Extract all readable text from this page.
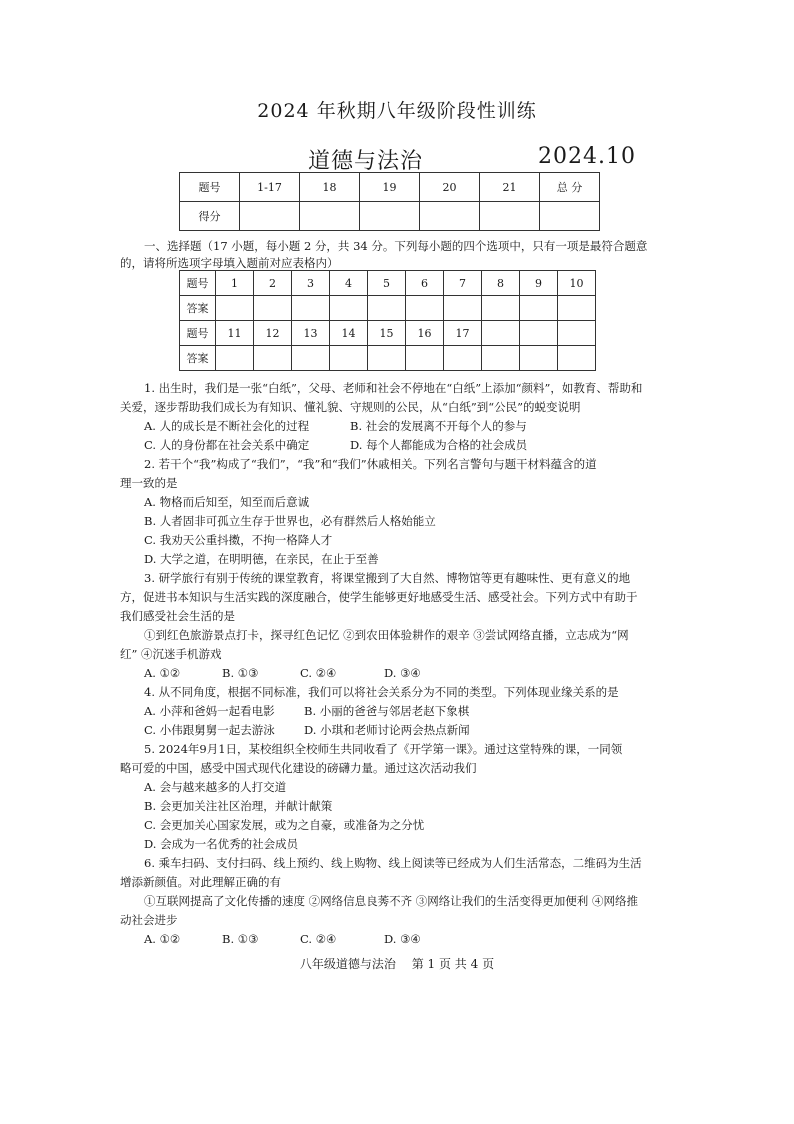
2024 年秋期八年级阶段性训练
道德与法治	2024.10
题号	1-17	18	19	20	21	总 分
得分						
一、选择题（17 小题，每小题 2 分，共 34 分。下列每小题的四个选项中，只有一项是最符合题意
的，请将所选项字母填入题前对应表格内）
题号	1	2	3	4	5	6	7	8	9	10
答案										
题号	11	12	13	14	15	16	17			
答案										
1. 出生时，我们是一张“白纸”，父母、老师和社会不停地在“白纸”上添加“颜料”，如教育、帮助和
关爱，逐步帮助我们成长为有知识、懂礼貌、守规则的公民，从“白纸”到“公民”的蜕变说明
A. 人的成长是不断社会化的过程	B. 社会的发展离不开每个人的参与
C. 人的身份都在社会关系中确定	D. 每个人都能成为合格的社会成员
2. 若干个“我”构成了“我们”，“我”和“我们”休戚相关。下列名言警句与题干材料蕴含的道
理一致的是
A. 物格而后知至，知至而后意诚
B. 人者固非可孤立生存于世界也，必有群然后人格始能立
C. 我劝天公重抖擞，不拘一格降人才
D. 大学之道，在明明德，在亲民，在止于至善
3. 研学旅行有别于传统的课堂教育，将课堂搬到了大自然、博物馆等更有趣味性、更有意义的地
方，促进书本知识与生活实践的深度融合，使学生能够更好地感受生活、感受社会。下列方式中有助于
我们感受社会生活的是
①到红色旅游景点打卡，探寻红色记忆 ②到农田体验耕作的艰辛 ③尝试网络直播，立志成为“网
红” ④沉迷手机游戏
A. ①②	B. ①③	C. ②④	D. ③④
4. 从不同角度，根据不同标准，我们可以将社会关系分为不同的类型。下列体现业缘关系的是
A. 小萍和爸妈一起看电影	B. 小丽的爸爸与邻居老赵下象棋
C. 小伟跟舅舅一起去游泳	D. 小琪和老师讨论两会热点新闻
5. 2024年9月1日，某校组织全校师生共同收看了《开学第一课》。通过这堂特殊的课，一同领
略可爱的中国，感受中国式现代化建设的磅礴力量。通过这次活动我们
A. 会与越来越多的人打交道
B. 会更加关注社区治理，并献计献策
C. 会更加关心国家发展，或为之自豪，或准备为之分忧
D. 会成为一名优秀的社会成员
6. 乘车扫码、支付扫码、线上预约、线上购物、线上阅读等已经成为人们生活常态，二维码为生活
增添新颜值。对此理解正确的有
①互联网提高了文化传播的速度 ②网络信息良莠不齐 ③网络让我们的生活变得更加便利 ④网络推
动社会进步
A. ①②	B. ①③	C. ②④	D. ③④
八年级道德与法治　 第 1 页 共 4 页
